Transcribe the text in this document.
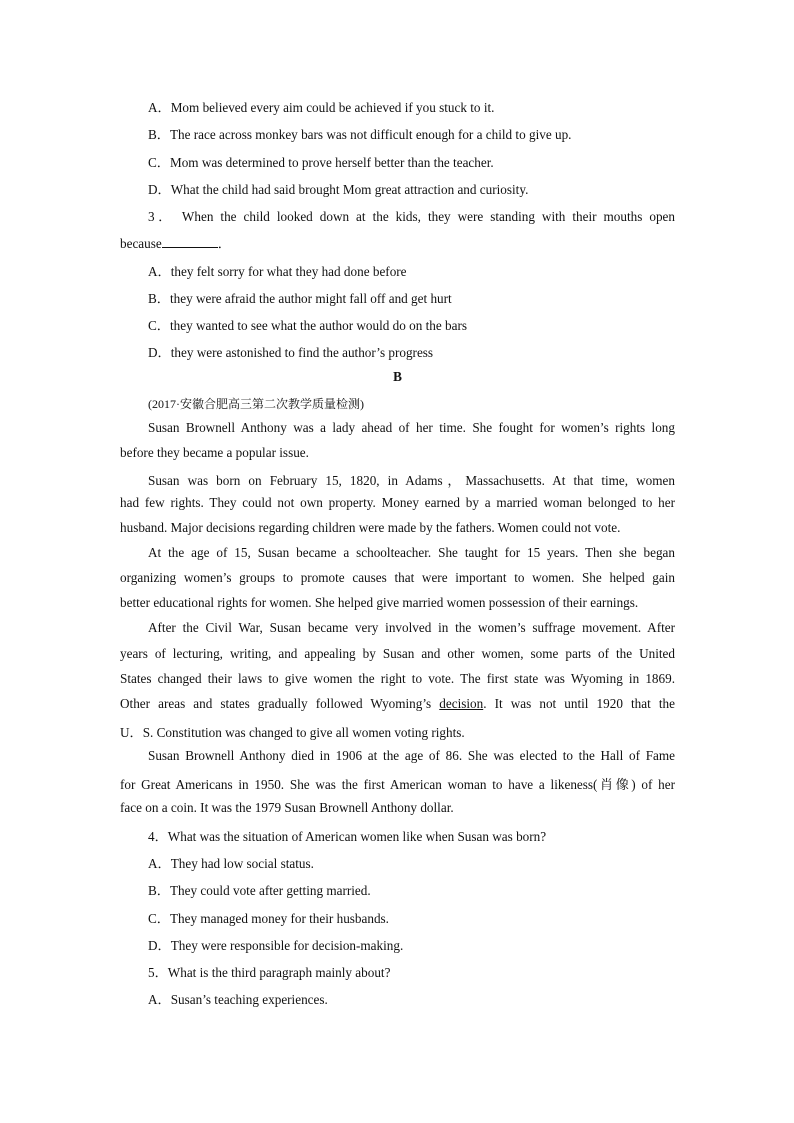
A．Mom believed every aim could be achieved if you stuck to it.
B．The race across monkey bars was not difficult enough for a child to give up.
C．Mom was determined to prove herself better than the teacher.
D．What the child had said brought Mom great attraction and curiosity.
3． When the child looked down at the kids, they were standing with their mouths open
because	．
A．they felt sorry for what they had done before
B．they were afraid the author might fall off and get hurt
C．they wanted to see what the author would do on the bars
D．they were astonished to find the author’s progress
B
(2017·安徽合肥高三第二次教学质量检测)
Susan Brownell Anthony was a lady ahead of her time. She fought for women’s rights long
before they became a popular issue.
Susan was born on February 15, 1820, in Adams，Massachusetts. At that time, women
had few rights. They could not own property. Money earned by a married woman belonged to her
husband. Major decisions regarding children were made by the fathers. Women could not vote.
At the age of 15, Susan became a schoolteacher. She taught for 15 years. Then she began
organizing women’s groups to promote causes that were important to women. She helped gain
better educational rights for women. She helped give married women possession of their earnings.
After the Civil War, Susan became very involved in the women’s suffrage movement. After
years of lecturing, writing, and appealing by Susan and other women, some parts of the United
States changed their laws to give women the right to vote. The first state was Wyoming in 1869.
Other areas and states gradually followed Wyoming’s decision. It was not until 1920 that the
U．S. Constitution was changed to give all women voting rights.
Susan Brownell Anthony died in 1906 at the age of 86. She was elected to the Hall of Fame
for Great Americans in 1950. She was the first American woman to have a likeness(肖像) of her
face on a coin. It was the 1979 Susan Brownell Anthony dollar.
4．What was the situation of American women like when Susan was born?
A．They had low social status.
B．They could vote after getting married.
C．They managed money for their husbands.
D．They were responsible for decision-making.
5．What is the third paragraph mainly about?
A．Susan’s teaching experiences.
